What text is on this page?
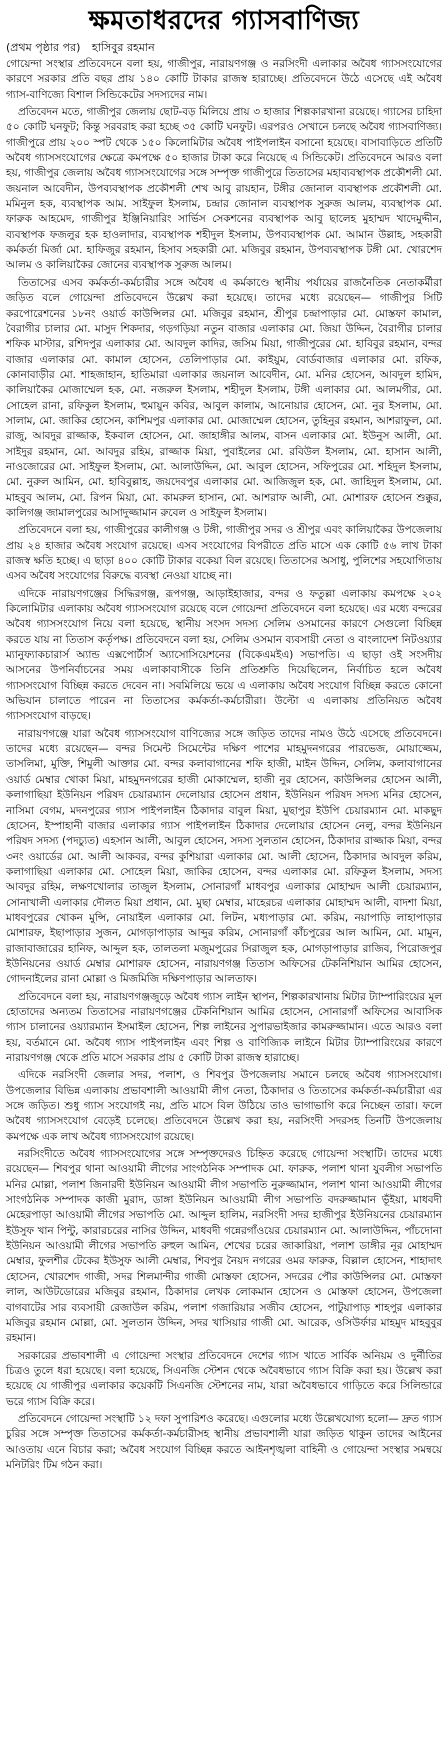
ক্ষমতাধরদের গ্যাসবাণিজ্য
(প্রথম পৃষ্ঠার পর) হাসিবুর রহমান

গোয়েন্দা সংস্থার প্রতিবেদনে বলা হয়, গাজীপুর, নারায়ণগঞ্জ ও নরসিংদী এলাকার অবৈধ গ্যাসসংযোগের কারণে সরকার প্রতি বছর প্রায় ১৪০ কোটি টাকার রাজস্ব হারাচ্ছে। প্রতিবেদনে উঠে এসেছে এই অবৈধ গ্যাস-বাণিজ্যে বিশাল সিন্ডিকেটের সদস্যদের নাম।

প্রতিবেদন মতে, গাজীপুর জেলায় ছোট-বড় মিলিয়ে প্রায় ৩ হাজার শিল্পকারখানা রয়েছে। গ্যাসের চাহিদা ৫০ কোটি ঘনফুট; কিন্তু সরবরাহ করা হচ্ছে ৩৫ কোটি ঘনফুট। এরপরও সেখানে চলছে অবৈধ গ্যাসবাণিজ্য। গাজীপুরে প্রায় ২০০ স্পট থেকে ১৫০ কিলোমিটার অবৈধ পাইপলাইন বসানো হয়েছে। বাসাবাড়িতে প্রতিটি অবৈধ গ্যাসসংযোগের ক্ষেত্রে কমপক্ষে ৫০ হাজার টাকা করে নিয়েছে এ সিন্ডিকেট। প্রতিবেদনে আরও বলা হয়, গাজীপুর জেলায় অবৈধ গ্যাসসংযোগের সঙ্গে সম্পৃক্ত গাজীপুরে তিতাসের মহাব্যবস্থাপক প্রকৌশলী মো. জয়নাল আবেদীন, উপব্যবস্থাপক প্রকৌশলী শেখ আবু রায়হান, টঙ্গীর জোনাল ব্যবস্থাপক প্রকৌশলী মো. মমিনুল হক, ব্যবস্থাপক আম. সাইফুল ইসলাম, চন্দ্রার জোনাল ব্যবস্থাপক সুরুজ আলম, ব্যবস্থাপক মো. ফারুক আহমেদ, গাজীপুর ইঞ্জিনিয়ারিং সার্ভিস সেকশনের ব্যবস্থাপক আবু ছালেহ মুহাম্মদ খাদেমুদ্দীন, ব্যবস্থাপক ফজলুর হক হাওলাদার, ব্যবস্থাপক শহীদুল ইসলাম, উপব্যবস্থাপক মো. আমান উল্লাহ, সহকারী কর্মকর্তা মির্জা মো. হাফিজুর রহমান, হিসাব সহকারী মো. মজিবুর রহমান, উপব্যবস্থাপক টঙ্গী মো. খোরশেদ আলম ও কালিয়াকৈর জোনের ব্যবস্থাপক সুরুজ আলম।

তিতাসের এসব কর্মকর্তা-কর্মচারীর সঙ্গে অবৈধ এ কর্মকাণ্ডে স্থানীয় পর্যায়ের রাজনৈতিক নেতাকর্মীরা জড়িত বলে গোয়েন্দা প্রতিবেদনে উল্লেখ করা হয়েছে। তাদের মধ্যে রয়েছেন— গাজীপুর সিটি করপোরেশনের ১৮নং ওয়ার্ড কাউন্সিলর মো. মজিবুর রহমান, শ্রীপুর চন্দ্রাপাড়ার মো. মোস্তফা কামাল, বৈরাগীর চালার মো. মাসুদ শিকদার, গড়গড়িয়া নতুন বাজার এলাকার মো. জিয়া উদ্দিন, বৈরাগীর চালার শফিক মাস্টার, রশিদপুর এলাকার মো. আবদুল কাদির, জসিম মিয়া, গাজীপুরের মো. হাবিবুর রহমান, বন্দর বাজার এলাকার মো. কামাল হোসেন, তেলিপাড়ার মো. কাইয়ুম, বোর্ডবাজার এলাকার মো. রফিক, কোনাবাড়ীর মো. শাহজাহান, হাতিমারা এলাকার জয়নাল আবেদীন, মো. মনির হোসেন, আবদুল হামিদ, কালিয়াকৈর মোজাম্মেল হক, মো. নজরুল ইসলাম, শহীদুল ইসলাম, টঙ্গী এলাকার মো. আলমগীর, মো. সোহেল রানা, রফিকুল ইসলাম, হুমায়ুন কবির, আবুল কালাম, আনোয়ার হোসেন, মো. নুর ইসলাম, মো. সালাম, মো. জাকির হোসেন, কাশিমপুর এলাকার মো. মোজাম্মেল হোসেন, তুহিনুর রহমান, আশরাফুল, মো. রাজু, আবদুর রাজ্জাক, ইকবাল হোসেন, মো. জাহাঙ্গীর আলম, বাসন এলাকার মো. ইউনুস আলী, মো. সাইদুর রহমান, মো. আবদুর রহিম, রাজ্জাক মিয়া, পুবাইলের মো. রবিউল ইসলাম, মো. হাসান আলী, নাওজোরের মো. সাইফুল ইসলাম, মো. আলাউদ্দিন, মো. আবুল হোসেন, সফিপুরের মো. শহিদুল ইসলাম, মো. নুরুল আমিন, মো. হাবিবুল্লাহ, জয়দেবপুর এলাকার মো. আজিজুল হক, মো. জাহিদুল ইসলাম, মো. মাহবুব আলম, মো. রিপন মিয়া, মো. কামরুল হাসান, মো. আশরাফ আলী, মো. মোশারফ হোসেন শুক্কুর, কালিগঞ্জ জামালপুরের আসাদুজ্জামান রুবেল ও সাইফুল ইসলাম।

প্রতিবেদনে বলা হয়, গাজীপুরের কালীগঞ্জ ও টঙ্গী, গাজীপুর সদর ও শ্রীপুর এবং কালিয়াকৈর উপজেলায় প্রায় ২৪ হাজার অবৈধ সংযোগ রয়েছে। এসব সংযোগের বিপরীতে প্রতি মাসে এক কোটি ৫৬ লাখ টাকা রাজস্ব ক্ষতি হচ্ছে। এ ছাড়া ৪০০ কোটি টাকার বকেয়া বিল রয়েছে। তিতাসের অসাধু, পুলিশের সহযোগিতায় এসব অবৈধ সংযোগের বিরুদ্ধে ব্যবস্থা নেওয়া যাচ্ছে না।

এদিকে নারায়ণগঞ্জের সিদ্ধিরগঞ্জ, রূপগঞ্জ, আড়াইহাজার, বন্দর ও ফতুল্লা এলাকায় কমপক্ষে ২০২ কিলোমিটার এলাকায় অবৈধ গ্যাসসংযোগ রয়েছে বলে গোয়েন্দা প্রতিবেদনে বলা হয়েছে। এর মধ্যে বন্দরের অবৈধ গ্যাসসংযোগ নিয়ে বলা হয়েছে, স্থানীয় সংসদ সদস্য সেলিম ওসমানের কারণে সেগুলো বিচ্ছিন্ন করতে যায় না তিতাস কর্তৃপক্ষ। প্রতিবেদনে বলা হয়, সেলিম ওসমান ব্যবসায়ী নেতা ও বাংলাদেশ নিটওয়্যার ম্যানুফ্যাকচারার্স অ্যান্ড এক্সপোর্টার্স অ্যাসোসিয়েশনের (বিকেএমইএ) সভাপতি। এ ছাড়া ওই সংসদীয় আসনের উপনির্বাচনের সময় এলাকাবাসীকে তিনি প্রতিশ্রুতি দিয়েছিলেন, নির্বাচিত হলে অবৈধ গ্যাসসংযোগ বিচ্ছিন্ন করতে দেবেন না। সবমিলিয়ে ভয়ে এ এলাকায় অবৈধ সংযোগ বিচ্ছিন্ন করতে কোনো অভিযান চালাতে পারেন না তিতাসের কর্মকর্তা-কর্মচারীরা। উল্টো এ এলাকায় প্রতিনিয়ত অবৈধ গ্যাসসংযোগ বাড়ছে।

নারায়ণগঞ্জে যারা অবৈধ গ্যাসসংযোগ বাণিজ্যের সঙ্গে জড়িত তাদের নামও উঠে এসেছে প্রতিবেদনে। তাদের মধ্যে রয়েছেন— বন্দর সিমেন্ট সিমেন্টের দক্ষিণ পাশের মাহমুদনগরের পারভেজ, মোয়াজ্জেম, তাসলিমা, মুক্তি, শিমুলী আক্তার মো. বন্দর কলাবাগানের শফি হাজী, মাইন উদ্দিন, সেলিম, কলাবাগানের ওয়ার্ড মেম্বার খোকা মিয়া, মাহমুদনগরের হাজী মোকাম্মেল, হাজী নুর হোসেন, কাউন্সিলর হোসেন আলী, কলাগাছিয়া ইউনিয়ন পরিষদ চেয়ারম্যান দেলোয়ার হোসেন প্রধান, ইউনিয়ন পরিষদ সদস্য মনির হোসেন, নাসিমা বেগম, মদনপুরের গ্যাস পাইপলাইন ঠিকাদার বাবুল মিয়া, মুছাপুর ইউপি চেয়ারম্যান মো. মাকছুদ হোসেন, ইস্পাহানী বাজার এলাকার গ্যাস পাইপলাইন ঠিকাদার দেলোয়ার হোসেন নেলু, বন্দর ইউনিয়ন পরিষদ সদস্য (পদচ্যুত) এহসান আলী, আবুল হোসেন, সদস্য সুলতান হোসেন, ঠিকাদার রাজ্জাক মিয়া, বন্দর ৩নং ওয়ার্ডের মো. আলী আকবর, বন্দর কুশিয়ারা এলাকার মো. আলী হোসেন, ঠিকাদার আবদুল করিম, কলাগাছিয়া এলাকার মো. সোহেল মিয়া, জাকির হোসেন, বন্দর এলাকার মো. রফিকুল ইসলাম, সদস্য আবদুর রহিম, লক্ষণখোলার তাজুল ইসলাম, সোনারগাঁ মাধবপুর এলাকার মোহাম্মদ আলী চেয়ারম্যান, সোনাখালী এলাকার দৌলত মিয়া প্রধান, মো. মুছা মেম্বার, মাহেরচর এলাকার মোহাম্মদ আলী, বাদশা মিয়া, মাধবপুরের খোকন মুন্সি, নোয়াইল এলাকার মো. লিটন, মধ্যপাড়ার মো. করিম, নয়াপাড়ি লাহাপাড়ার মোশারফ, ইছাপাড়ার সুজন, মোগড়াপাড়ার আব্দুর করিম, সোনারগাঁ কাঁচপুরের আল আমিন, মো. মামুন, রাজাবাজারের হানিফ, আব্দুল হক, তালতলা মজুমপুরের সিরাজুল হক, মোগড়াপাড়ার রাজিব, পিরোজপুর ইউনিয়নের ওয়ার্ড মেম্বার মোশারফ হোসেন, নারায়ণগঞ্জ তিতাস অফিসের টেকনিশিয়ান আমির হোসেন, গোদনাইলের রানা মোল্লা ও মিজমিজি দক্ষিণপাড়ার আলতাফ।

প্রতিবেদনে বলা হয়, নারায়ণগঞ্জজুড়ে অবৈধ গ্যাস লাইন স্থাপন, শিল্পকারখানায় মিটার ট্যাম্পারিংয়ের মূল হোতাদের অন্যতম তিতাসের নারায়ণগঞ্জের টেকনিশিয়ান আমির হোসেন, সোনারগাঁ অফিসের আবাসিক গ্যাস চালানের ওয়্যারম্যান ইসমাইল হোসেন, শিল্প লাইনের সুপারভাইজার কামরুজ্জামান। এতে আরও বলা হয়, বর্তমানে মো. অবৈধ গ্যাস পাইপলাইন এবং শিল্প ও বাণিজ্যিক লাইনে মিটার ট্যাম্পারিংয়ের কারণে নারায়ণগঞ্জ থেকে প্রতি মাসে সরকার প্রায় ৫ কোটি টাকা রাজস্ব হারাচ্ছে।

এদিকে নরসিংদী জেলার সদর, পলাশ, ও শিবপুর উপজেলায় সমানে চলছে অবৈধ গ্যাসসংযোগ। উপজেলার বিভিন্ন এলাকায় প্রভাবশালী আওয়ামী লীগ নেতা, ঠিকাদার ও তিতাসের কর্মকর্তা-কর্মচারীরা এর সঙ্গে জড়িত। শুধু গ্যাস সংযোগই নয়, প্রতি মাসে বিল উঠিয়ে তাও ভাগাভাগি করে নিচ্ছেন তারা। ফলে অবৈধ গ্যাসসংযোগ বেড়েই চলেছে। প্রতিবেদনে উল্লেখ করা হয়, নরসিংদী সদরসহ তিনটি উপজেলায় কমপক্ষে এক লাখ অবৈধ গ্যাসসংযোগ রয়েছে।

নরসিংদীতে অবৈধ গ্যাসসংযোগের সঙ্গে সম্পৃক্তদেরও চিহ্নিত করেছে গোয়েন্দা সংস্থাটি। তাদের মধ্যে রয়েছেন— শিবপুর থানা আওয়ামী লীগের সাংগঠনিক সম্পাদক মো. ফারুক, পলাশ থানা যুবলীগ সভাপতি মনির মোল্লা, পলাশ জিনারদী ইউনিয়ন আওয়ামী লীগ সভাপতি নুরুজ্জামান, পলাশ থানা আওয়ামী লীগের সাংগঠনিক সম্পাদক কাজী মুরাদ, ডাঙ্গা ইউনিয়ন আওয়ামী লীগ সভাপতি বদরুজ্জামান ভূঁইয়া, মাধবদী মেহেরপাড়া আওয়ামী লীগের সভাপতি মো. আব্দুল হালিম, নরসিংদী সদর হাজীপুর ইউনিয়নের চেয়ারম্যান ইউসুফ খান পিন্টু, কারারচরের নাসির উদ্দিন, মাধবদী গন্নেরগাঁওয়ের চেয়ারম্যান মো. আলাউদ্দিন, পাঁচদোনা ইউনিয়ন আওয়ামী লীগের সভাপতি রুহুল আমিন, শেখের চরের জাকারিয়া, পলাশ ডাঙ্গীর নূর মোহাম্মদ মেম্বার, ফুলশীর টেকের ইউসুফ আলী মেম্বার, শিবপুর নৈয়দ নগরের ওমর ফারুক, বিল্লাল হোসেন, শাহাদাৎ হোসেন, খোরশেদ গাজী, সদর শিলমান্দীর গাজী মোস্তফা হোসেন, সদরের পৌর কাউন্সিলর মো. মোস্তফা লাল, আউটডোরের মজিবুর রহমান, ঠিকাদার লেখক লোকমান হোসেন ও মোস্তফা হোসেন, উপজেলা বাগবাটের সার ব্যবসায়ী রেজাউল করিম, পলাশ গজারিয়ার সজীব হোসেন, পাটুয়াপাড় শাহপুর এলাকার মজিবুর রহমান মোল্লা, মো. সুলতান উদ্দিন, সদর খাসিয়ার গাজী মো. আরেক, ওসিউর্ফার মাহমুদ মাহবুবুর রহমান।

সরকারের প্রভাবশালী এ গোয়েন্দা সংস্থার প্রতিবেদনে দেশের গ্যাস খাতে সার্বিক অনিয়ম ও দুর্নীতির চিত্রও তুলে ধরা হয়েছে। বলা হয়েছে, সিএনজি স্টেশন থেকে অবৈধভাবে গ্যাস বিক্রি করা হয়। উল্লেখ করা হয়েছে যে গাজীপুর এলাকার কয়েকটি সিএনজি স্টেশনের নাম, যারা অবৈধভাবে গাড়িতে করে সিলিন্ডারে ভরে গ্যাস বিক্রি করে।

প্রতিবেদনে গোয়েন্দা সংস্থাটি ১২ দফা সুপারিশও করেছে। এগুলোর মধ্যে উল্লেখযোগ্য হলো— দ্রুত গ্যাস চুরির সঙ্গে সম্পৃক্ত তিতাসের কর্মকর্তা-কর্মচারীসহ স্থানীয় প্রভাবশালী যারা জড়িত থাকুন তাদের আইনের আওতায় এনে বিচার করা; অবৈধ সংযোগ বিচ্ছিন্ন করতে আইনশৃঙ্খলা বাহিনী ও গোয়েন্দা সংস্থার সমন্বয়ে মনিটরিং টিম গঠন করা।
